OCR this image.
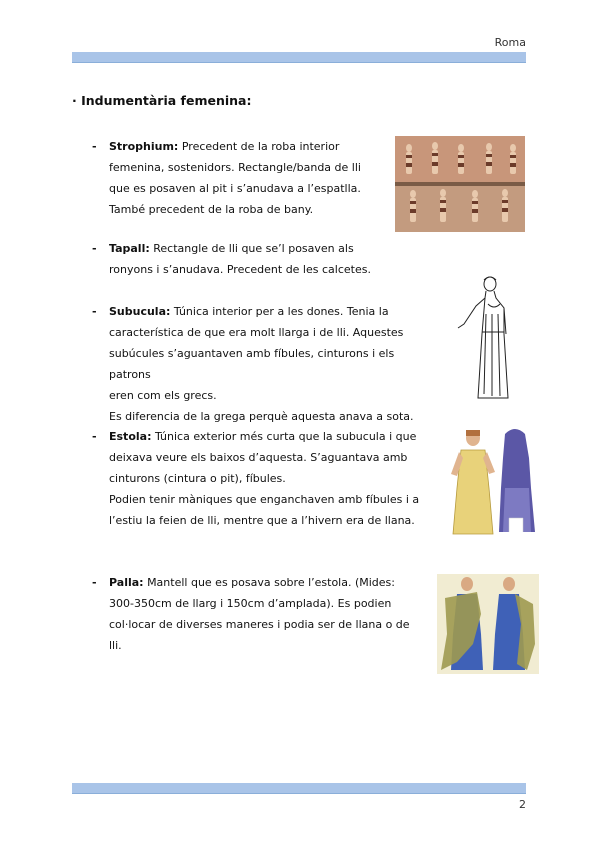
Roma
· Indumentària femenina:
- Strophium: Precedent de la roba interior
femenina, sostenidors. Rectangle/banda de lli
que es posaven al pit i s’anudava a l’espatlla.
També precedent de la roba de bany.
- Tapall: Rectangle de lli que se’l posaven als
ronyons i s’anudava. Precedent de les calcetes.
- Subucula: Túnica interior per a les dones. Tenia la
característica de que era molt llarga i de lli. Aquestes
subúcules s’aguantaven amb fíbules, cinturons i els patrons
eren com els grecs.
Es diferencia de la grega perquè aquesta anava a sota.
- Estola: Túnica exterior més curta que la subucula i que
deixava veure els baixos d’aquesta. S’aguantava amb
cinturons (cintura o pit), fíbules.
Podien tenir màniques que enganchaven amb fíbules i a
l’estiu la feien de lli, mentre que a l’hivern era de llana.
- Palla: Mantell que es posava sobre l’estola. (Mides:
300-350cm de llarg i 150cm d’amplada). Es podien
col·locar de diverses maneres i podia ser de llana o de lli.
2
